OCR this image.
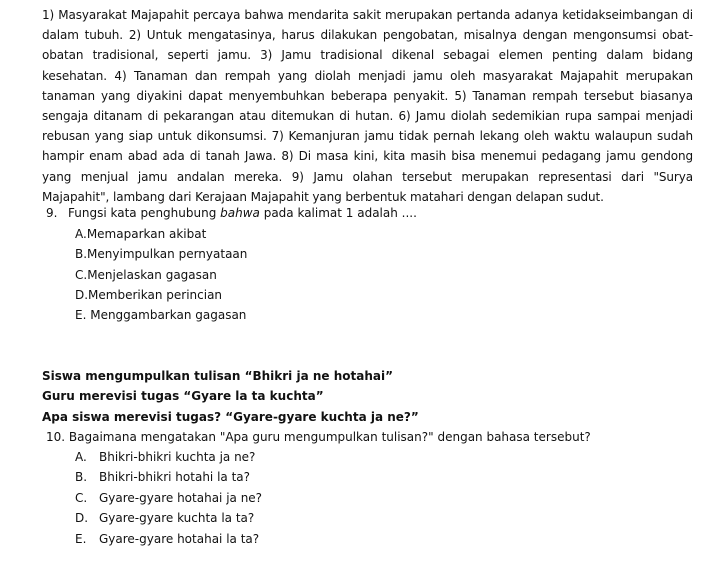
1) Masyarakat Majapahit percaya bahwa mendarita sakit merupakan pertanda adanya ketidakseimbangan di dalam tubuh. 2) Untuk mengatasinya, harus dilakukan pengobatan, misalnya dengan mengonsumsi obat-obatan tradisional, seperti jamu. 3) Jamu tradisional dikenal sebagai elemen penting dalam bidang kesehatan. 4) Tanaman dan rempah yang diolah menjadi jamu oleh masyarakat Majapahit merupakan tanaman yang diyakini dapat menyembuhkan beberapa penyakit. 5) Tanaman rempah tersebut biasanya sengaja ditanam di pekarangan atau ditemukan di hutan. 6) Jamu diolah sedemikian rupa sampai menjadi rebusan yang siap untuk dikonsumsi. 7) Kemanjuran jamu tidak pernah lekang oleh waktu walaupun sudah hampir enam abad ada di tanah Jawa. 8) Di masa kini, kita masih bisa menemui pedagang jamu gendong yang menjual jamu andalan mereka. 9) Jamu olahan tersebut merupakan representasi dari "Surya Majapahit", lambang dari Kerajaan Majapahit yang berbentuk matahari dengan delapan sudut.
9. Fungsi kata penghubung bahwa pada kalimat 1 adalah ....
A.Memaparkan akibat
B.Menyimpulkan pernyataan
C.Menjelaskan gagasan
D.Memberikan perincian
E. Menggambarkan gagasan
Siswa mengumpulkan tulisan “Bhikri ja ne hotahai”
Guru merevisi tugas “Gyare la ta kuchta”
Apa siswa merevisi tugas? “Gyare-gyare kuchta ja ne?”
10. Bagaimana mengatakan "Apa guru mengumpulkan tulisan?" dengan bahasa tersebut?
A. Bhikri-bhikri kuchta ja ne?
B. Bhikri-bhikri hotahi la ta?
C. Gyare-gyare hotahai ja ne?
D. Gyare-gyare kuchta la ta?
E. Gyare-gyare hotahai la ta?
